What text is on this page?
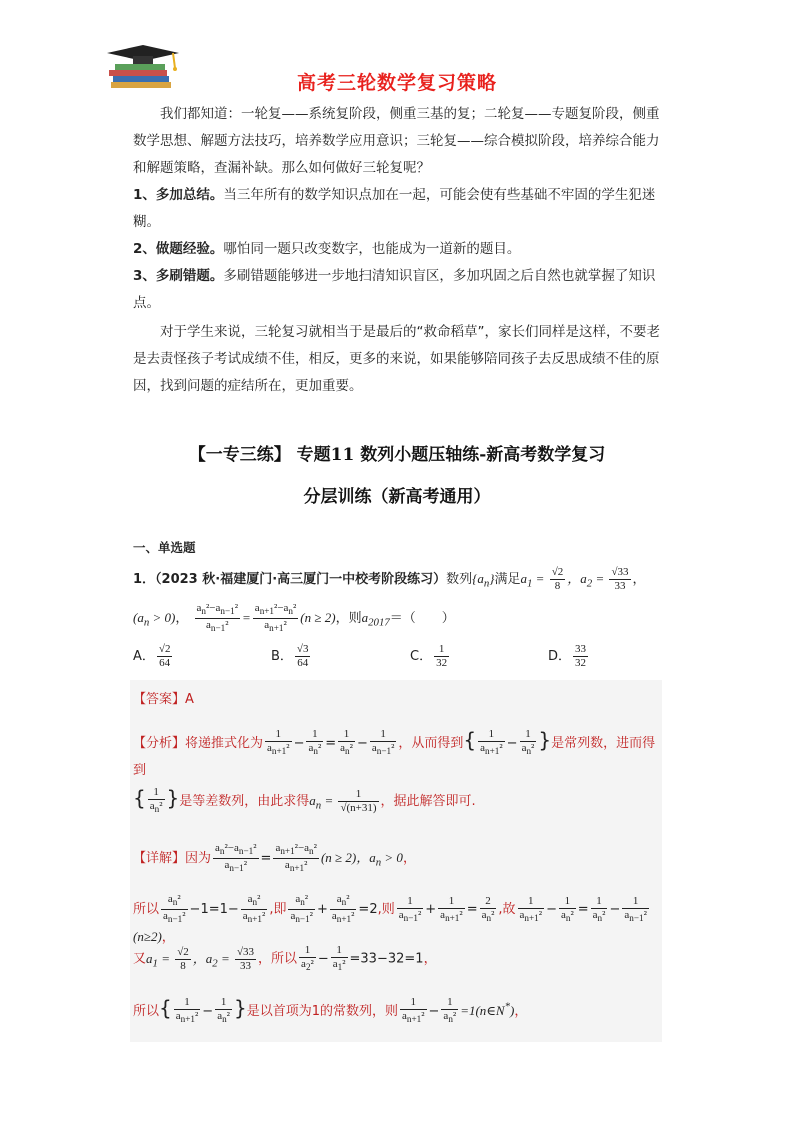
高考三轮数学复习策略
我们都知道：一轮复——系统复阶段，侧重三基的复；二轮复——专题复阶段，侧重数学思想、解题方法技巧，培养数学应用意识；三轮复——综合模拟阶段，培养综合能力和解题策略，查漏补缺。那么如何做好三轮复呢？
1、多加总结。当三年所有的数学知识点加在一起，可能会使有些基础不牢固的学生犯迷糊。
2、做题经验。哪怕同一题只改变数字，也能成为一道新的题目。
3、多刷错题。多刷错题能够进一步地扫清知识盲区，多加巩固之后自然也就掌握了知识点。
对于学生来说，三轮复习就相当于是最后的“救命稻草”，家长们同样是这样，不要老是去责怪孩子考试成绩不佳，相反，更多的来说，如果能够陪同孩子去反思成绩不佳的原因，找到问题的症结所在，更加重要。
【一专三练】 专题11 数列小题压轴练-新高考数学复习
分层训练（新高考通用）
一、单选题
1．（2023 秋·福建厦门·高三厦门一中校考阶段练习）数列$\{a_n\}$满足$a_1 = \frac{√2}{8}$ ，$a_2 = \frac{√33}{33}$ ，
$(a_n > 0)$， $\frac{a_n^2-a_{n-1}^2}{a_{n-1}^2} = \frac{a_{n+1}^2-a_n^2}{a_{n+1}^2} (n \ge 2)$，则$a_{2017}=$（　　）
A． $\frac{√2}{64}$	B． $\frac{√3}{64}$	C． $\frac{1}{32}$	D． $\frac{33}{32}$
【答案】A
【分析】将递推式化为 $\frac{1}{a_{n+1}^2} - \frac{1}{a_n^2} = \frac{1}{a_n^2} - \frac{1}{a_{n-1}^2}$ ，从而得到{ $\frac{1}{a_{n+1}^2} - \frac{1}{a_n^2}$ }是常列数，进而得到
{ $\frac{1}{a_n^2}$ }是等差数列，由此求得$a_n = \frac{1}{√(n+31)}$ ，据此解答即可.
【详解】因为 $\frac{a_n^2-a_{n-1}^2}{a_{n-1}^2} = \frac{a_{n+1}^2-a_n^2}{a_{n+1}^2} (n \ge 2)$，$a_n > 0$，
所以 $\frac{a_n^2}{a_{n-1}^2} -1=1- \frac{a_n^2}{a_{n+1}^2}$ ,即 $\frac{a_n^2}{a_{n-1}^2} + \frac{a_n^2}{a_{n+1}^2} =2$,则 $\frac{1}{a_{n-1}^2} + \frac{1}{a_{n+1}^2} = \frac{2}{a_n^2}$ ,故 $\frac{1}{a_{n+1}^2} - \frac{1}{a_n^2} = \frac{1}{a_n^2} - \frac{1}{a_{n-1}^2}$
(n≥2)，
又$a_1 = \frac{√2}{8}$ ，$a_2 = \frac{√33}{33}$ ，所以 $\frac{1}{a_2^2} - \frac{1}{a_1^2} =33-32=1$，
所以{ $\frac{1}{a_{n+1}^2} - \frac{1}{a_n^2}$ }是以首项为1的常数列，则 $\frac{1}{a_{n+1}^2} - \frac{1}{a_n^2}$ =1(n∈N*)，
